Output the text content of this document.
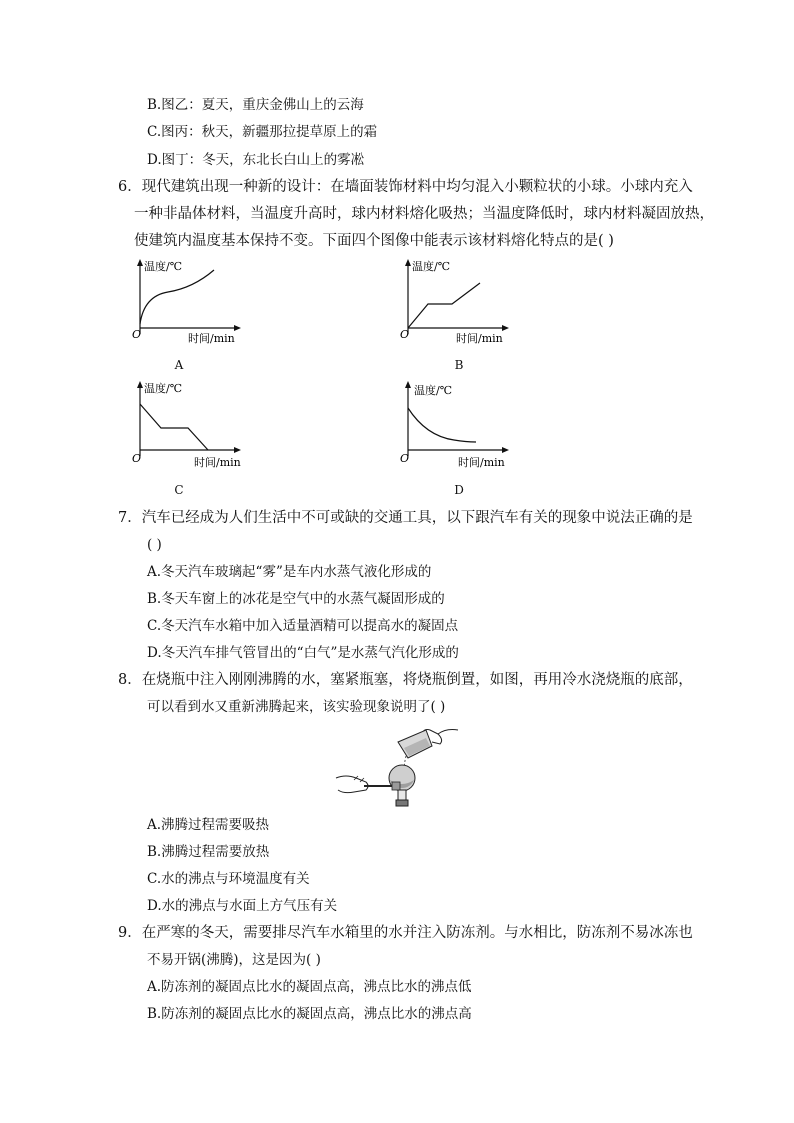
B.图乙：夏天，重庆金佛山上的云海
C.图丙：秋天，新疆那拉提草原上的霜
D.图丁：冬天，东北长白山上的雾凇
6．现代建筑出现一种新的设计：在墙面装饰材料中均匀混入小颗粒状的小球。小球内充入
一种非晶体材料，当温度升高时，球内材料熔化吸热；当温度降低时，球内材料凝固放热，
使建筑内温度基本保持不变。下面四个图像中能表示该材料熔化特点的是( )
温度/℃
时间/min
O
A
温度/℃
时间/min
O
B
温度/℃
时间/min
O
C
温度/℃
时间/min
O
D
7．汽车已经成为人们生活中不可或缺的交通工具，以下跟汽车有关的现象中说法正确的是
( )
A.冬天汽车玻璃起“雾”是车内水蒸气液化形成的
B.冬天车窗上的冰花是空气中的水蒸气凝固形成的
C.冬天汽车水箱中加入适量酒精可以提高水的凝固点
D.冬天汽车排气管冒出的“白气”是水蒸气汽化形成的
8．在烧瓶中注入刚刚沸腾的水，塞紧瓶塞，将烧瓶倒置，如图，再用冷水浇烧瓶的底部，
可以看到水又重新沸腾起来，该实验现象说明了( )
A.沸腾过程需要吸热
B.沸腾过程需要放热
C.水的沸点与环境温度有关
D.水的沸点与水面上方气压有关
9．在严寒的冬天，需要排尽汽车水箱里的水并注入防冻剂。与水相比，防冻剂不易冰冻也
不易开锅(沸腾)，这是因为( )
A.防冻剂的凝固点比水的凝固点高，沸点比水的沸点低
B.防冻剂的凝固点比水的凝固点高，沸点比水的沸点高
